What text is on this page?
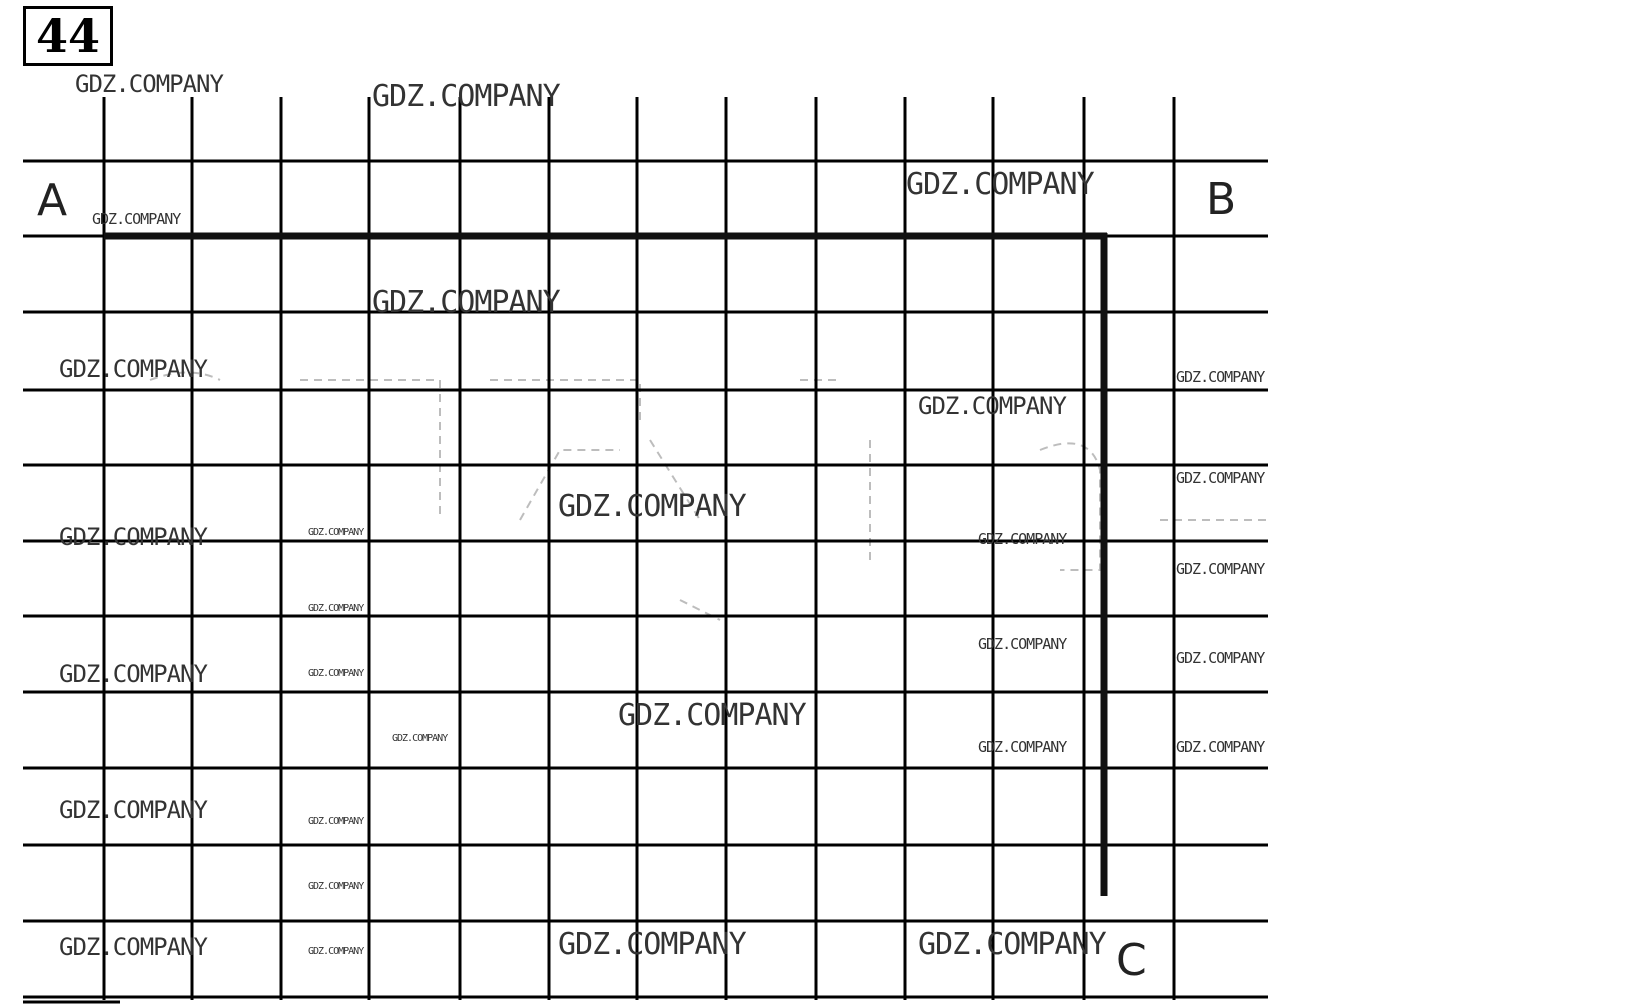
44
A	B
C
GDZ.COMPANY	GDZ.COMPANY
GDZ.COMPANY
GDZ.COMPANY
GDZ.COMPANY
GDZ.COMPANY	GDZ.COMPANY
GDZ.COMPANY
GDZ.COMPANY
GDZ.COMPANY
GDZ.COMPANY	GDZ.COMPANY	GDZ.COMPANY
GDZ.COMPANY
GDZ.COMPANY
GDZ.COMPANY
GDZ.COMPANY
GDZ.COMPANY	GDZ.COMPANY
GDZ.COMPANY
GDZ.COMPANY	GDZ.COMPANY	GDZ.COMPANY
GDZ.COMPANY	GDZ.COMPANY
GDZ.COMPANY
GDZ.COMPANY	GDZ.COMPANY	GDZ.COMPANY	GDZ.COMPANY
